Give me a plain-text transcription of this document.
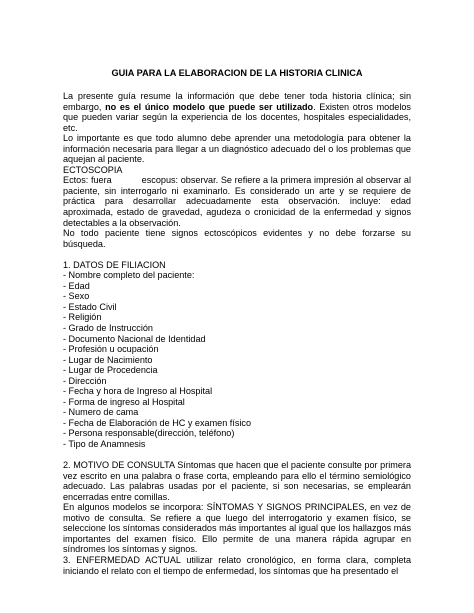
GUIA PARA LA ELABORACION DE LA HISTORIA CLINICA

La presente guía resume la información que debe tener toda historia clínica; sin embargo, no es el único modelo que puede ser utilizado. Existen otros modelos que pueden variar según la experiencia de los docentes, hospitales especialidades, etc.

Lo importante es que todo alumno debe aprender una metodología para obtener la información necesaria para llegar a un diagnóstico adecuado del o los problemas que aquejan al paciente.

ECTOSCOPIA

Ectos: fuera	escopus: observar. Se refiere a la primera impresión al observar al paciente, sin interrogarlo ni examinarlo. Es considerado un arte y se requiere de práctica para desarrollar adecuadamente esta observación. incluye: edad aproximada, estado de gravedad, agudeza o cronicidad de la enfermedad y signos detectables a la observación.

No todo paciente tiene signos ectoscópicos evidentes y no debe forzarse su búsqueda.

1. DATOS DE FILIACION

- Nombre completo del paciente:
- Edad
- Sexo
- Estado Civil
- Religión
- Grado de Instrucción
- Documento Nacional de Identidad
- Profesión u ocupación
- Lugar de Nacimiento
- Lugar de Procedencia
- Dirección
- Fecha y hora de Ingreso al Hospital
- Forma de ingreso al Hospital
- Numero de cama
- Fecha de Elaboración de HC y examen físico
- Persona responsable(dirección, teléfono)
- Tipo de Anamnesis

2. MOTIVO DE CONSULTA Síntomas que hacen que el paciente consulte por primera vez escrito en una palabra o frase corta, empleando para ello el término semiológico adecuado. Las palabras usadas por el paciente, si son necesarias, se emplearán encerradas entre comillas.

En algunos modelos se incorpora: SÍNTOMAS Y SIGNOS PRINCIPALES, en vez de motivo de consulta. Se refiere a que luego del interrogatorio y examen físico, se seleccione los síntomas considerados más importantes al igual que los hallazgos más importantes del examen físico. Ello permite de una manera rápida agrupar en síndromes los síntomas y signos.

3. ENFERMEDAD ACTUAL utilizar relato cronológico, en forma clara, completa iniciando el relato con el tiempo de enfermedad, los síntomas que ha presentado el
